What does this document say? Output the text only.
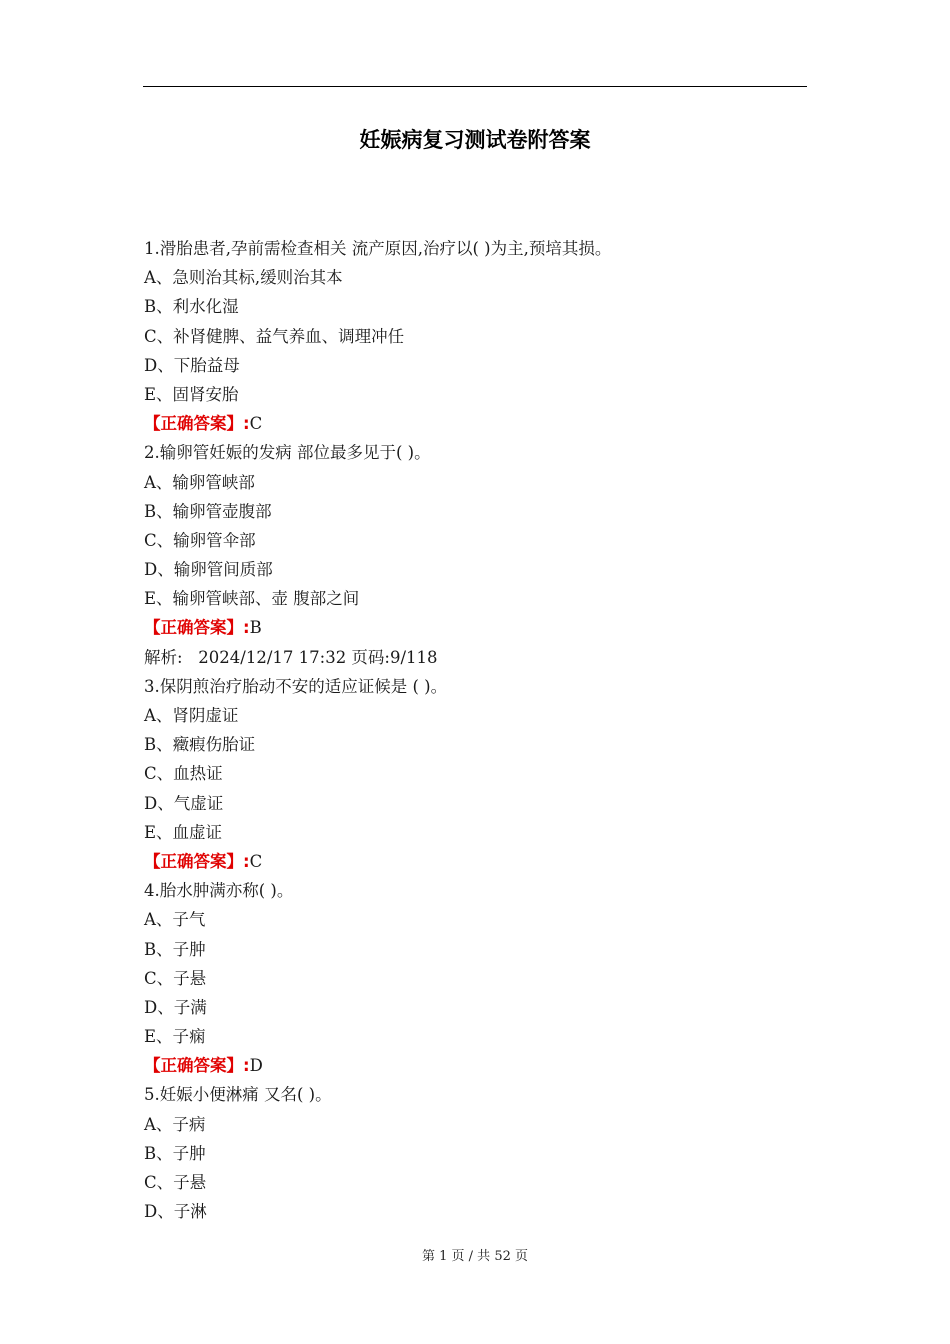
妊娠病复习测试卷附答案
1.滑胎患者,孕前需检查相关 流产原因,治疗以( )为主,预培其损。
A、急则治其标,缓则治其本
B、利水化湿
C、补肾健脾、益气养血、调理冲任
D、下胎益母
E、固肾安胎
【正确答案】:C
2.输卵管妊娠的发病 部位最多见于( )。
A、输卵管峡部
B、输卵管壶腹部
C、输卵管伞部
D、输卵管间质部
E、输卵管峡部、壶 腹部之间
【正确答案】:B
解析:   2024/12/17 17:32 页码:9/118
3.保阴煎治疗胎动不安的适应证候是 ( )。
A、肾阴虚证
B、癥瘕伤胎证
C、血热证
D、气虚证
E、血虚证
【正确答案】:C
4.胎水肿满亦称( )。
A、子气
B、子肿
C、子悬
D、子满
E、子痫
【正确答案】:D
5.妊娠小便淋痛 又名( )。
A、子病
B、子肿
C、子悬
D、子淋
第 1 页 / 共 52 页
